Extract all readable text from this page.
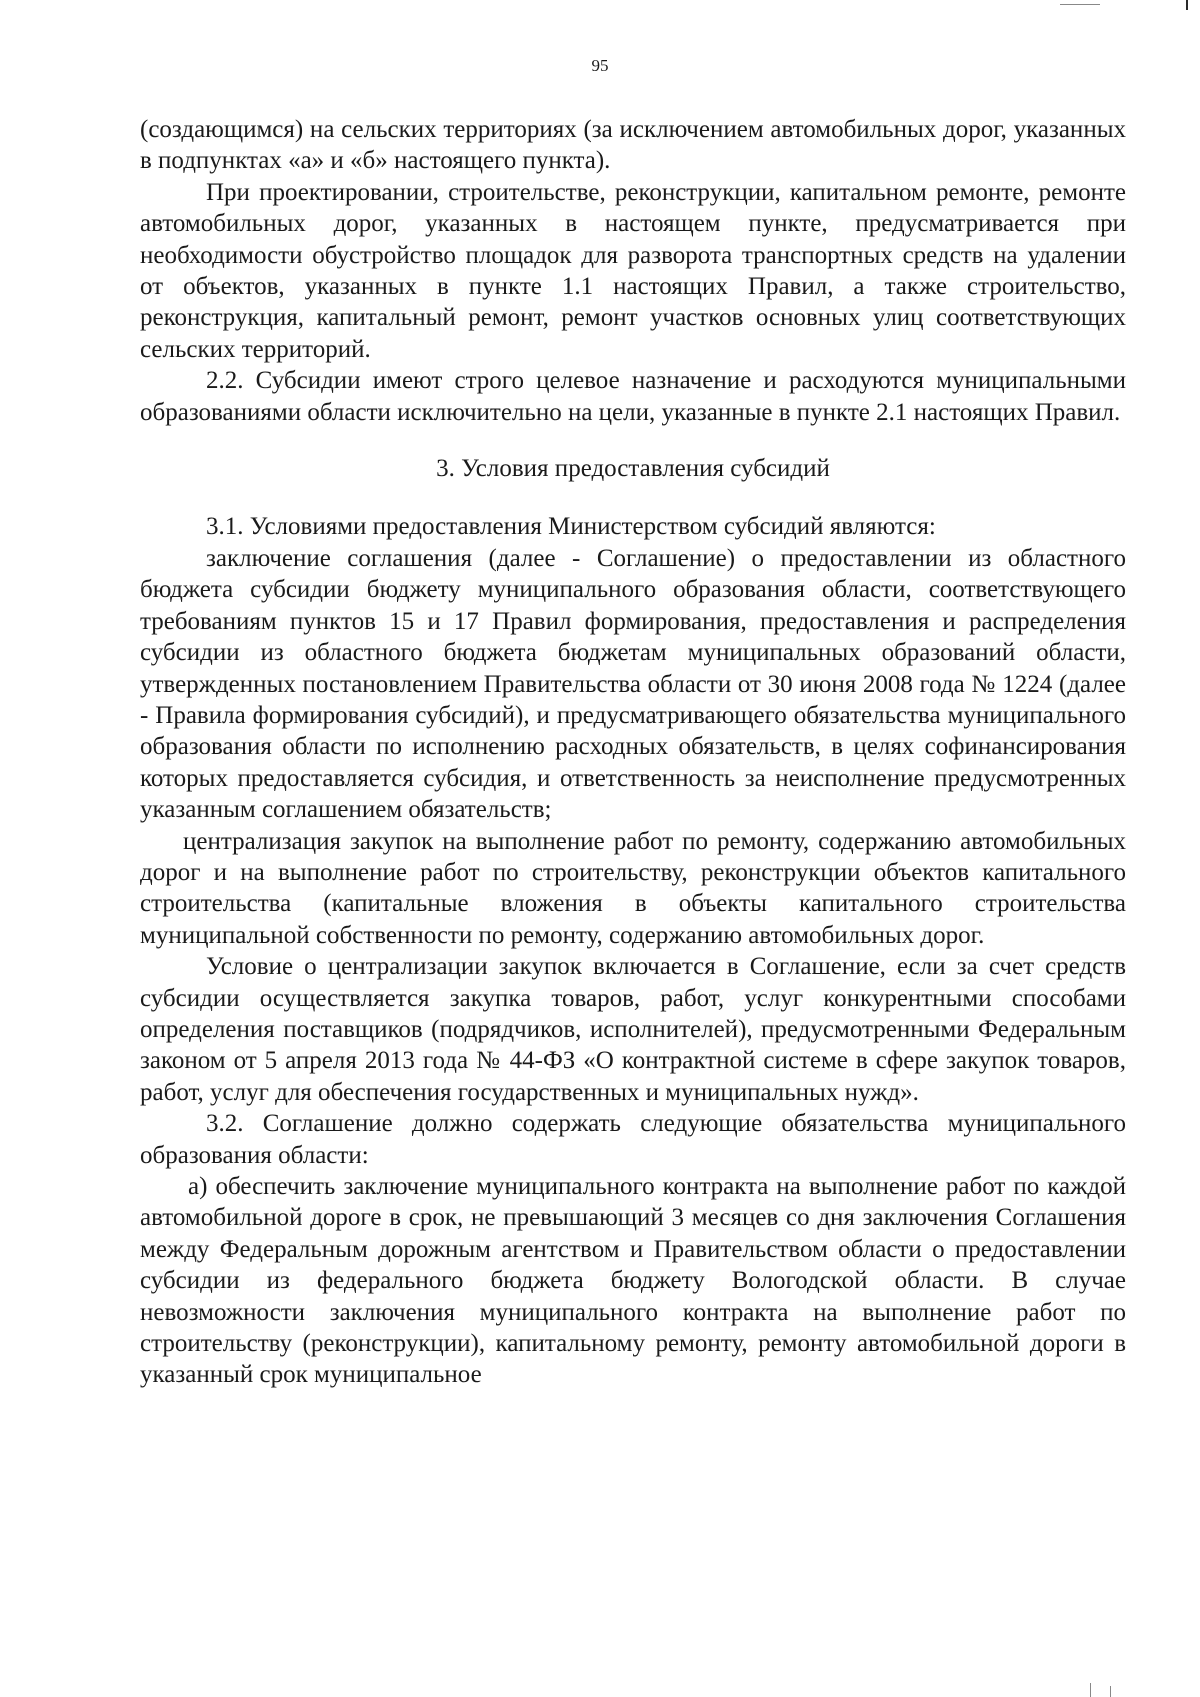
95

(создающимся) на сельских территориях (за исключением автомобильных дорог, указанных в подпунктах «а» и «б» настоящего пункта).

При проектировании, строительстве, реконструкции, капитальном ремонте, ремонте автомобильных дорог, указанных в настоящем пункте, предусматривается при необходимости обустройство площадок для разворота транспортных средств на удалении от объектов, указанных в пункте 1.1 настоящих Правил, а также строительство, реконструкция, капитальный ремонт, ремонт участков основных улиц соответствующих сельских территорий.

2.2. Субсидии имеют строго целевое назначение и расходуются муниципальными образованиями области исключительно на цели, указанные в пункте 2.1 настоящих Правил.

3. Условия предоставления субсидий

3.1. Условиями предоставления Министерством субсидий являются:

заключение соглашения (далее - Соглашение) о предоставлении из областного бюджета субсидии бюджету муниципального образования области, соответствующего требованиям пунктов 15 и 17 Правил формирования, предоставления и распределения субсидии из областного бюджета бюджетам муниципальных образований области, утвержденных постановлением Правительства области от 30 июня 2008 года № 1224 (далее - Правила формирования субсидий), и предусматривающего обязательства муниципального образования области по исполнению расходных обязательств, в целях софинансирования которых предоставляется субсидия, и ответственность за неисполнение предусмотренных указанным соглашением обязательств;

централизация закупок на выполнение работ по ремонту, содержанию автомобильных дорог и на выполнение работ по строительству, реконструкции объектов капитального строительства (капитальные вложения в объекты капитального строительства муниципальной собственности по ремонту, содержанию автомобильных дорог.

Условие о централизации закупок включается в Соглашение, если за счет средств субсидии осуществляется закупка товаров, работ, услуг конкурентными способами определения поставщиков (подрядчиков, исполнителей), предусмотренными Федеральным законом от 5 апреля 2013 года № 44-ФЗ «О контрактной системе в сфере закупок товаров, работ, услуг для обеспечения государственных и муниципальных нужд».

3.2. Соглашение должно содержать следующие обязательства муниципального образования области:

а) обеспечить заключение муниципального контракта на выполнение работ по каждой автомобильной дороге в срок, не превышающий 3 месяцев со дня заключения Соглашения между Федеральным дорожным агентством и Правительством области о предоставлении субсидии из федерального бюджета бюджету Вологодской области. В случае невозможности заключения муниципального контракта на выполнение работ по строительству (реконструкции), капитальному ремонту, ремонту автомобильной дороги в указанный срок муниципальное
